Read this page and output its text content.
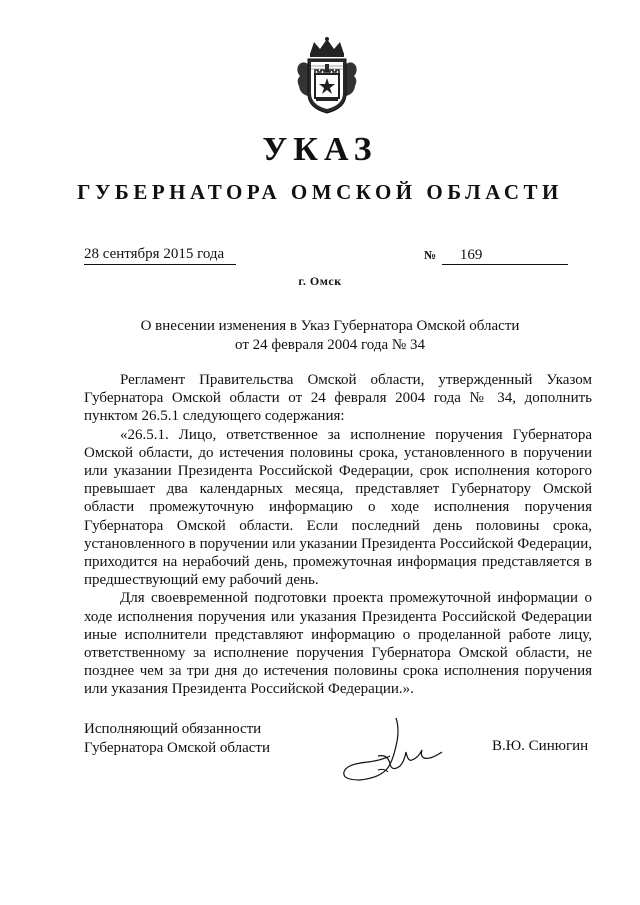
УКАЗ
ГУБЕРНАТОРА ОМСКОЙ ОБЛАСТИ
28 сентября 2015 года	№ 169
г. Омск
О внесении изменения в Указ Губернатора Омской области
от 24 февраля 2004 года № 34

Регламент Правительства Омской области, утвержденный Указом Губернатора Омской области от 24 февраля 2004 года № 34, дополнить пунктом 26.5.1 следующего содержания:

«26.5.1. Лицо, ответственное за исполнение поручения Губернатора Омской области, до истечения половины срока, установленного в поручении или указании Президента Российской Федерации, срок исполнения которого превышает два календарных месяца, представляет Губернатору Омской области промежуточную информацию о ходе исполнения поручения Губернатора Омской области. Если последний день половины срока, установленного в поручении или указании Президента Российской Федерации, приходится на нерабочий день, промежуточная информация представляется в предшествующий ему рабочий день.

Для своевременной подготовки проекта промежуточной информации о ходе исполнения поручения или указания Президента Российской Федерации иные исполнители представляют информацию о проделанной работе лицу, ответственному за исполнение поручения Губернатора Омской области, не позднее чем за три дня до истечения половины срока исполнения поручения или указания Президента Российской Федерации.».

Исполняющий обязанности
Губернатора Омской области	В.Ю. Синюгин
